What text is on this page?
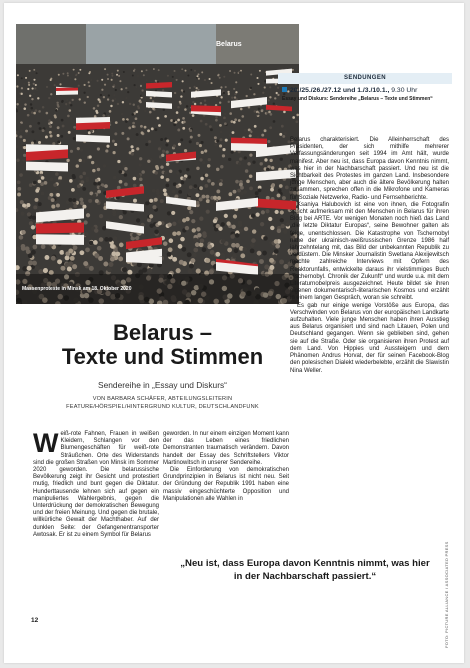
Belarus
Massenproteste in Minsk am 18. Oktober 2020
SENDUNGEN
20./25./26./27.12 und 1./3./10.1., 9.30 Uhr
Essay und Diskurs: Sendereihe „Belarus – Texte und Stimmen“

Belarus charakterisiert. Die Alleinherrschaft des Präsidenten, der sich mithilfe mehrerer Verfassungsänderungen seit 1994 im Amt hält, wurde manifest. Aber neu ist, dass Europa davon Kenntnis nimmt, was hier in der Nachbarschaft passiert. Und neu ist die Sichtbarkeit des Protestes im ganzen Land. Insbesondere junge Menschen, aber auch die ältere Bevölkerung halten zusammen, sprechen offen in die Mikrofone und Kameras für Soziale Netzwerke, Radio- und Fernsehberichte.

Ksaniya Halubovich ist eine von ihnen, die Fotografin spricht aufmerksam mit den Menschen in Belarus für ihren Blog bei ARTE. Vor wenigen Monaten noch hieß das Land „die letzte Diktatur Europas“, seine Bewohner galten als feige, unentschlossen. Die Katastrophe von Tschernobyl nahe der ukrainisch-weißrussischen Grenze 1986 half jahrzehntelang mit, das Bild der unbekannten Republik zu verdüstern. Die Minsker Journalistin Swetlana Alexijewitsch machte zahlreiche Interviews mit Opfern des Reaktorunfalls, entwickelte daraus ihr vielstimmiges Buch „Tschernobyl. Chronik der Zukunft“ und wurde u.a. mit dem Literaturnobelpreis ausgezeichnet. Heute bildet sie ihren eigenen dokumentarisch-literarischen Kosmos und erzählt in einem langen Gespräch, woran sie schreibt.

Es gab nur einige wenige Vorstöße aus Europa, das Verschwinden von Belarus von der europäischen Landkarte aufzuhalten. Viele junge Menschen haben ihren Ausstieg aus Belarus organisiert und sind nach Litauen, Polen und Deutschland gegangen. Wenn sie geblieben sind, gehen sie auf die Straße. Oder sie organisieren ihren Protest auf dem Land. Von Hippies und Aussteigern und dem Phänomen Andrus Horvat, der für seinen Facebook-Blog den polesischen Dialekt wiederbelebte, erzählt die Slawistin Nina Weller.

Belarus –
Texte und Stimmen
Sendereihe in „Essay und Diskurs“
VON BARBARA SCHÄFER, ABTEILUNGSLEITERIN
FEATURE/HÖRSPIEL/HINTERGRUND KULTUR, DEUTSCHLANDFUNK

Weiß-rote Fahnen, Frauen in weißen Kleidern, Schlangen vor den Blumengeschäften für weiß-rote Sträußchen. Orte des Widerstands sind die großen Straßen von Minsk im Sommer 2020 geworden. Die belarussische Bevölkerung zeigt ihr Gesicht und protestiert mutig, friedlich und bunt gegen die Diktatur. Hunderttausende lehnen sich auf gegen ein manipuliertes Wahlergebnis, gegen die Unterdrückung der demokratischen Bewegung und der freien Meinung. Und gegen die brutale, willkürliche Gewalt der Machthaber. Auf der dunklen Seite: der Gefangenentransporter Awtosak. Er ist zu einem Symbol für Belarus

geworden. In nur einem einzigen Moment kann der das Leben eines friedlichen Demonstranten traumatisch verändern. Davon handelt der Essay des Schriftstellers Viktor Martinowitsch in unserer Sendereihe.

Die Einforderung von demokratischen Grundprinzipien in Belarus ist nicht neu. Seit der Gründung der Republik 1991 haben eine massiv eingeschüchterte Opposition und Manipulationen alle Wahlen in

„Neu ist, dass Europa davon Kenntnis nimmt, was hier in der Nachbarschaft passiert.“
12	FOTO: PICTURE ALLIANCE / ASSOCIATED PRESS
